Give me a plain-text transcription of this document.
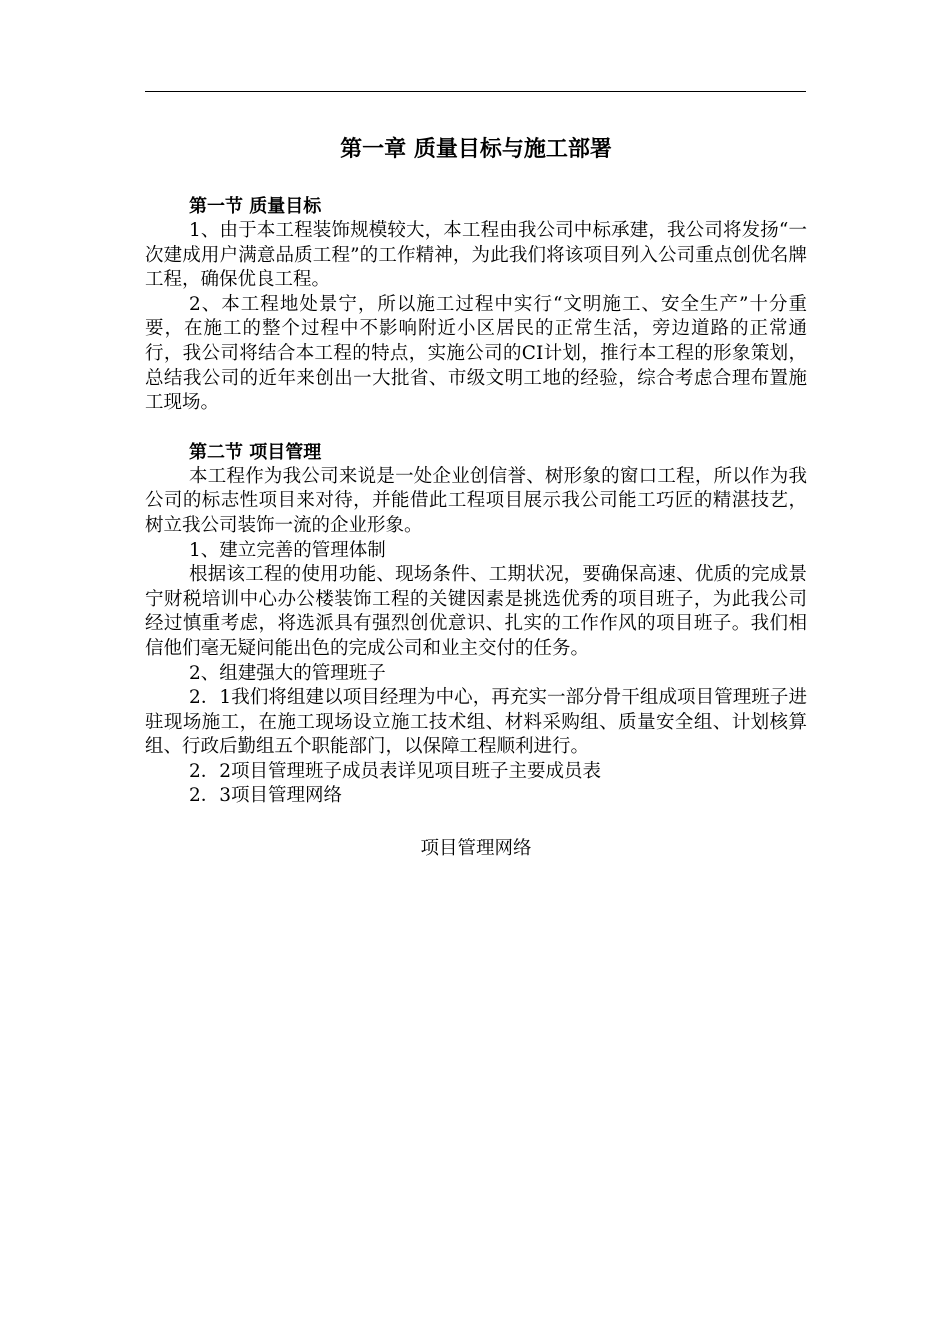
第一章 质量目标与施工部署
第一节 质量目标

1、由于本工程装饰规模较大，本工程由我公司中标承建，我公司将发扬“一次建成用户满意品质工程”的工作精神，为此我们将该项目列入公司重点创优名牌工程，确保优良工程。

2、本工程地处景宁，所以施工过程中实行“文明施工、安全生产”十分重要，在施工的整个过程中不影响附近小区居民的正常生活，旁边道路的正常通行，我公司将结合本工程的特点，实施公司的CI计划，推行本工程的形象策划，总结我公司的近年来创出一大批省、市级文明工地的经验，综合考虑合理布置施工现场。

第二节 项目管理

本工程作为我公司来说是一处企业创信誉、树形象的窗口工程，所以作为我公司的标志性项目来对待，并能借此工程项目展示我公司能工巧匠的精湛技艺，树立我公司装饰一流的企业形象。

1、建立完善的管理体制

根据该工程的使用功能、现场条件、工期状况，要确保高速、优质的完成景宁财税培训中心办公楼装饰工程的关键因素是挑选优秀的项目班子，为此我公司经过慎重考虑，将选派具有强烈创优意识、扎实的工作作风的项目班子。我们相信他们毫无疑问能出色的完成公司和业主交付的任务。

2、组建强大的管理班子

2．1我们将组建以项目经理为中心，再充实一部分骨干组成项目管理班子进驻现场施工，在施工现场设立施工技术组、材料采购组、质量安全组、计划核算组、行政后勤组五个职能部门，以保障工程顺利进行。

2．2项目管理班子成员表详见项目班子主要成员表

2．3项目管理网络

项目管理网络
